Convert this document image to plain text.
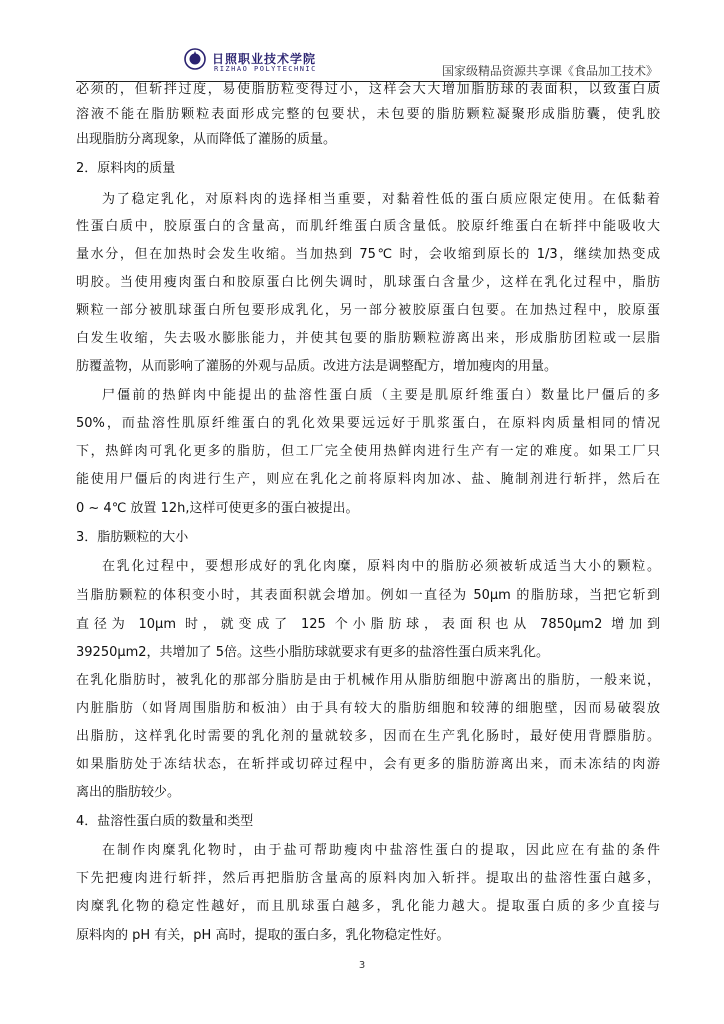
日照职业技术学院
RIZHAO POLYTECHNIC	国家级精品资源共享课《食品加工技术》

必须的，但斩拌过度，易使脂肪粒变得过小，这样会大大增加脂肪球的表面积，以致蛋白质

溶液不能在脂肪颗粒表面形成完整的包要状，未包要的脂肪颗粒凝聚形成脂肪囊，使乳胶

出现脂肪分离现象，从而降低了灌肠的质量。

2．原料肉的质量

为了稳定乳化，对原料肉的选择相当重要，对黏着性低的蛋白质应限定使用。在低黏着

性蛋白质中，胶原蛋白的含量高，而肌纤维蛋白质含量低。胶原纤维蛋白在斩拌中能吸收大

量水分，但在加热时会发生收缩。当加热到 75℃ 时，会收缩到原长的 1/3，继续加热变成

明胶。当使用瘦肉蛋白和胶原蛋白比例失调时，肌球蛋白含量少，这样在乳化过程中，脂肪

颗粒一部分被肌球蛋白所包要形成乳化，另一部分被胶原蛋白包要。在加热过程中，胶原蛋

白发生收缩，失去吸水膨胀能力，并使其包要的脂肪颗粒游离出来，形成脂肪团粒或一层脂

肪覆盖物，从而影响了灌肠的外观与品质。改进方法是调整配方，增加瘦肉的用量。

尸僵前的热鲜肉中能提出的盐溶性蛋白质（主要是肌原纤维蛋白）数量比尸僵后的多

50%，而盐溶性肌原纤维蛋白的乳化效果要远远好于肌浆蛋白，在原料肉质量相同的情况

下，热鲜肉可乳化更多的脂肪，但工厂完全使用热鲜肉进行生产有一定的难度。如果工厂只

能使用尸僵后的肉进行生产，则应在乳化之前将原料肉加冰、盐、腌制剂进行斩拌，然后在

0 ~ 4℃ 放置 12h,这样可使更多的蛋白被提出。

3．脂肪颗粒的大小

在乳化过程中，要想形成好的乳化肉糜，原料肉中的脂肪必须被斩成适当大小的颗粒。

当脂肪颗粒的体积变小时，其表面积就会增加。例如一直径为 50μm 的脂肪球，当把它斩到

直径为 10μm 时，就变成了 125 个小脂肪球，表面积也从 7850μm2 增加到

39250μm2，共增加了 5倍。这些小脂肪球就要求有更多的盐溶性蛋白质来乳化。

在乳化脂肪时，被乳化的那部分脂肪是由于机械作用从脂肪细胞中游离出的脂肪，一般来说，

内脏脂肪（如肾周围脂肪和板油）由于具有较大的脂肪细胞和较薄的细胞壁，因而易破裂放

出脂肪，这样乳化时需要的乳化剂的量就较多，因而在生产乳化肠时，最好使用背膘脂肪。

如果脂肪处于冻结状态，在斩拌或切碎过程中，会有更多的脂肪游离出来，而未冻结的肉游

离出的脂肪较少。

4．盐溶性蛋白质的数量和类型

在制作肉糜乳化物时，由于盐可帮助瘦肉中盐溶性蛋白的提取，因此应在有盐的条件

下先把瘦肉进行斩拌，然后再把脂肪含量高的原料肉加入斩拌。提取出的盐溶性蛋白越多，

肉糜乳化物的稳定性越好，而且肌球蛋白越多，乳化能力越大。提取蛋白质的多少直接与

原料肉的 pH 有关，pH 高时，提取的蛋白多，乳化物稳定性好。

3
